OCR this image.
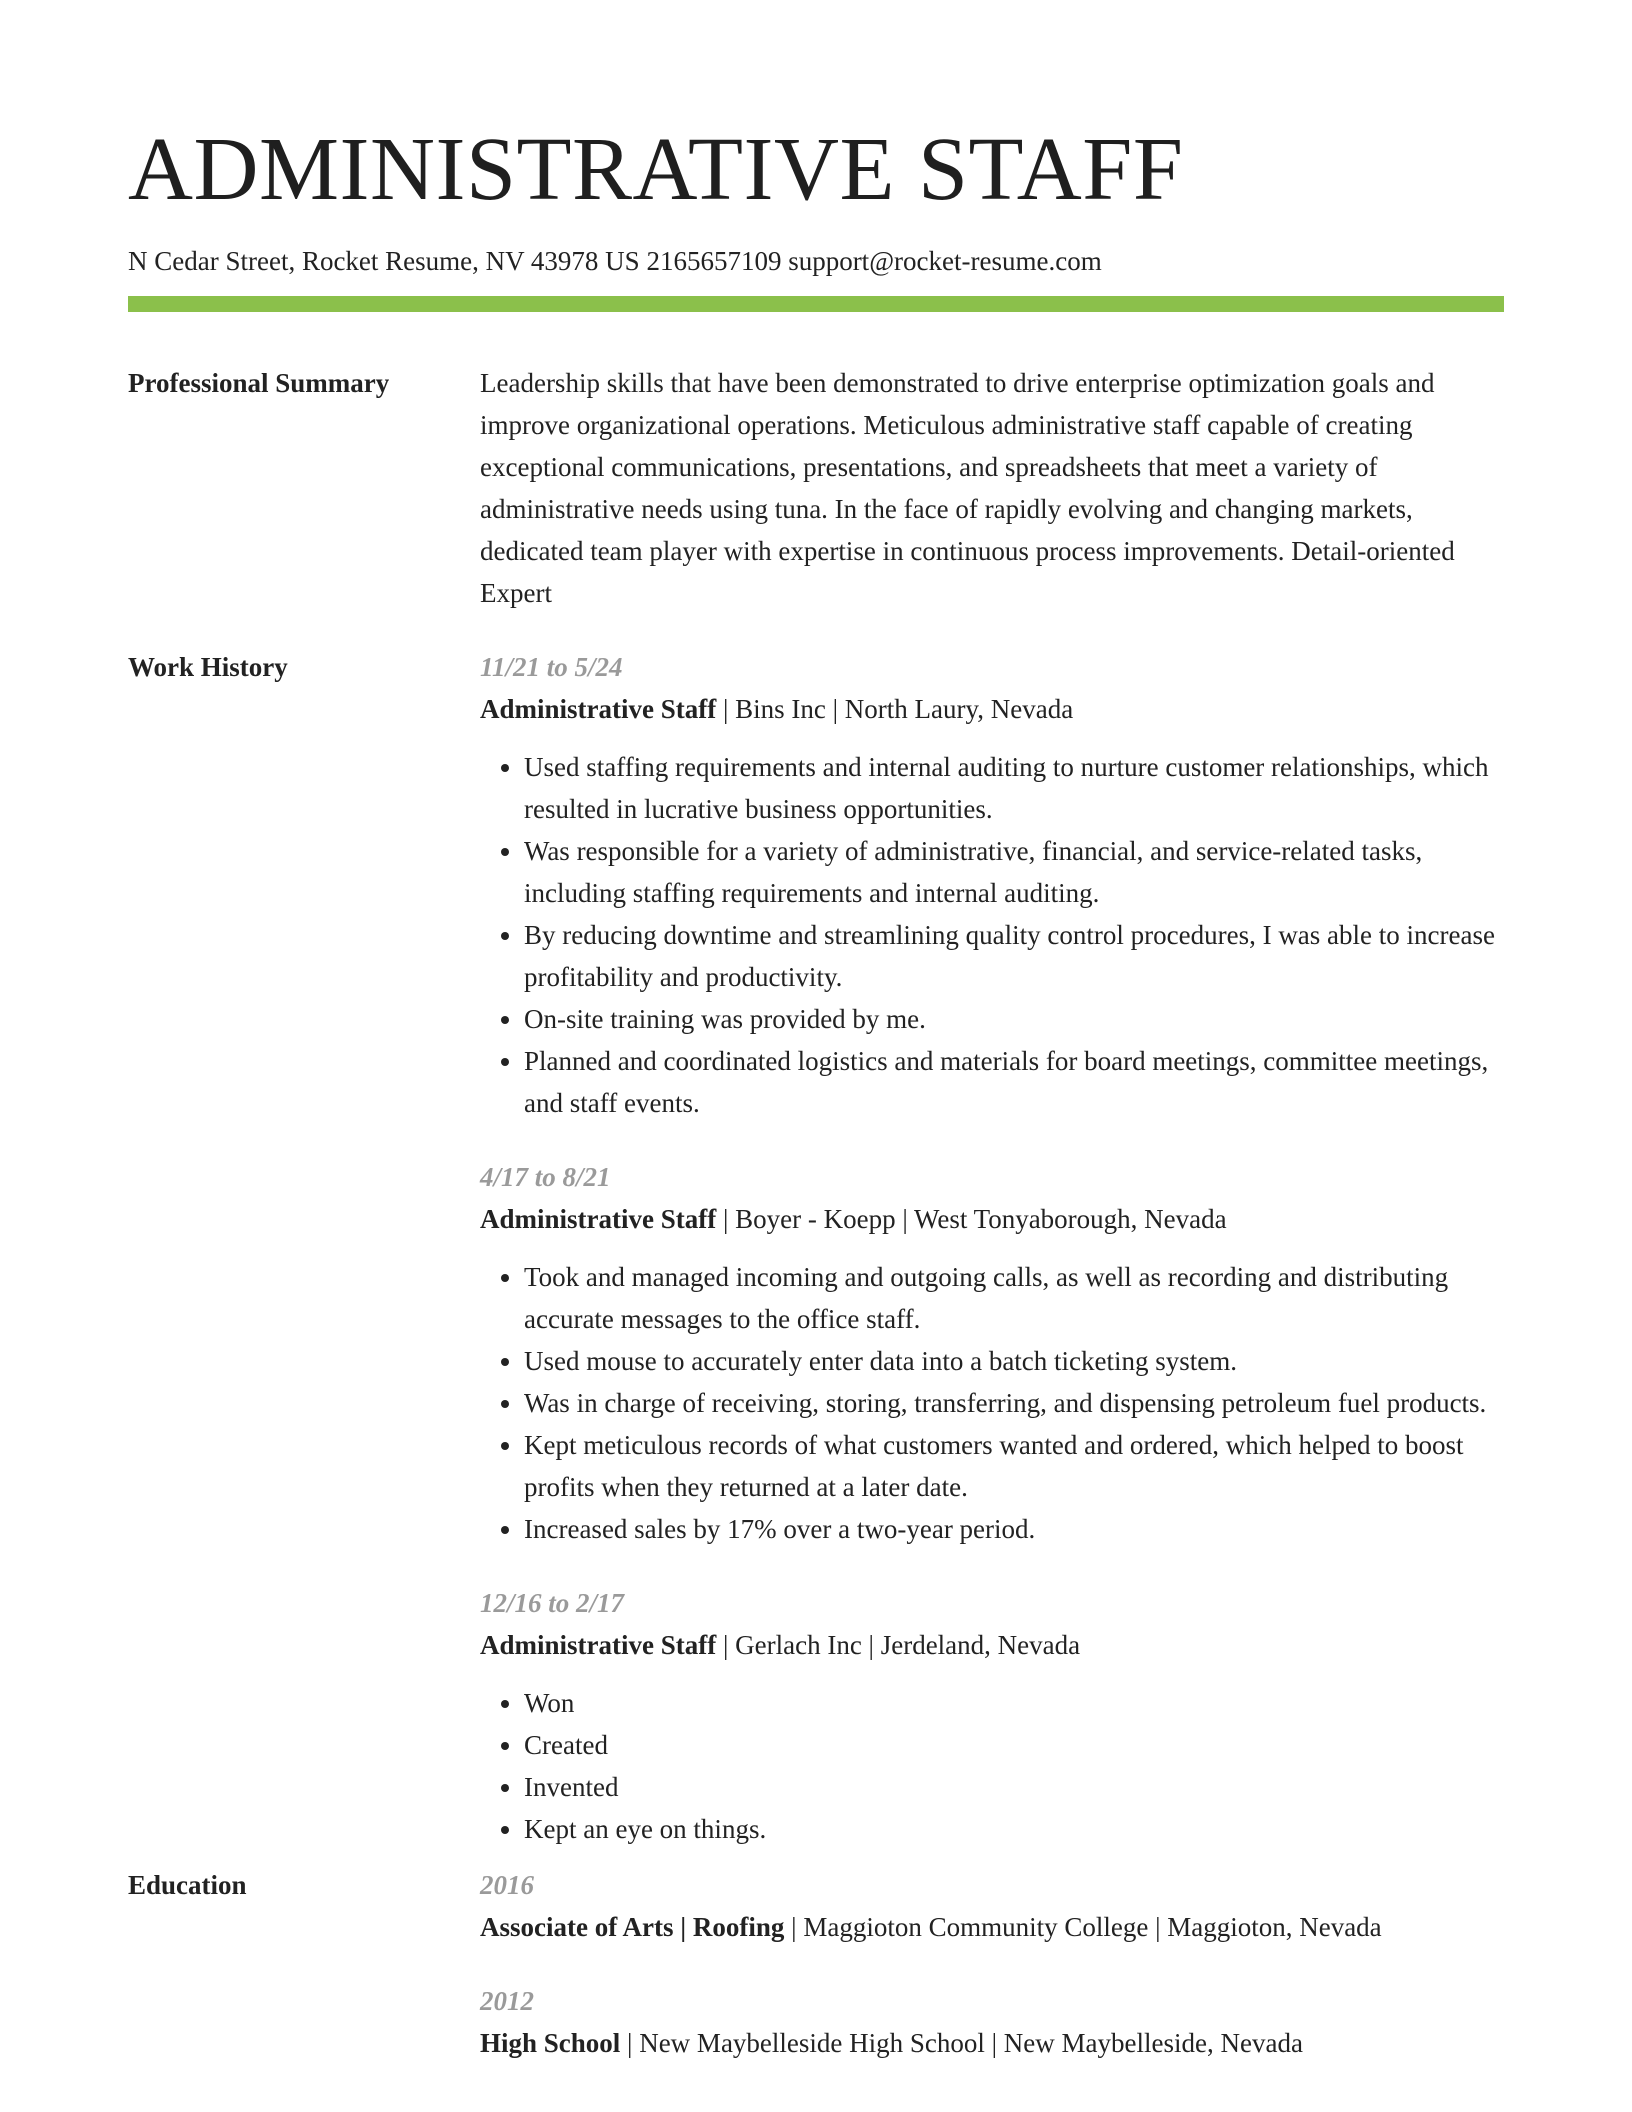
ADMINISTRATIVE STAFF
N Cedar Street, Rocket Resume, NV 43978 US 2165657109 support@rocket-resume.com
Professional Summary	Leadership skills that have been demonstrated to drive enterprise optimization goals and improve organizational operations. Meticulous administrative staff capable of creating exceptional communications, presentations, and spreadsheets that meet a variety of administrative needs using tuna. In the face of rapidly evolving and changing markets, dedicated team player with expertise in continuous process improvements. Detail-oriented Expert
Work History	11/21 to 5/24
Administrative Staff | Bins Inc | North Laury, Nevada
• Used staffing requirements and internal auditing to nurture customer relationships, which resulted in lucrative business opportunities.
• Was responsible for a variety of administrative, financial, and service-related tasks, including staffing requirements and internal auditing.
• By reducing downtime and streamlining quality control procedures, I was able to increase profitability and productivity.
• On-site training was provided by me.
• Planned and coordinated logistics and materials for board meetings, committee meetings, and staff events.
4/17 to 8/21
Administrative Staff | Boyer - Koepp | West Tonyaborough, Nevada
• Took and managed incoming and outgoing calls, as well as recording and distributing accurate messages to the office staff.
• Used mouse to accurately enter data into a batch ticketing system.
• Was in charge of receiving, storing, transferring, and dispensing petroleum fuel products.
• Kept meticulous records of what customers wanted and ordered, which helped to boost profits when they returned at a later date.
• Increased sales by 17% over a two-year period.
12/16 to 2/17
Administrative Staff | Gerlach Inc | Jerdeland, Nevada
• Won
• Created
• Invented
• Kept an eye on things.
Education	2016
Associate of Arts | Roofing | Maggioton Community College | Maggioton, Nevada
2012
High School | New Maybelleside High School | New Maybelleside, Nevada
